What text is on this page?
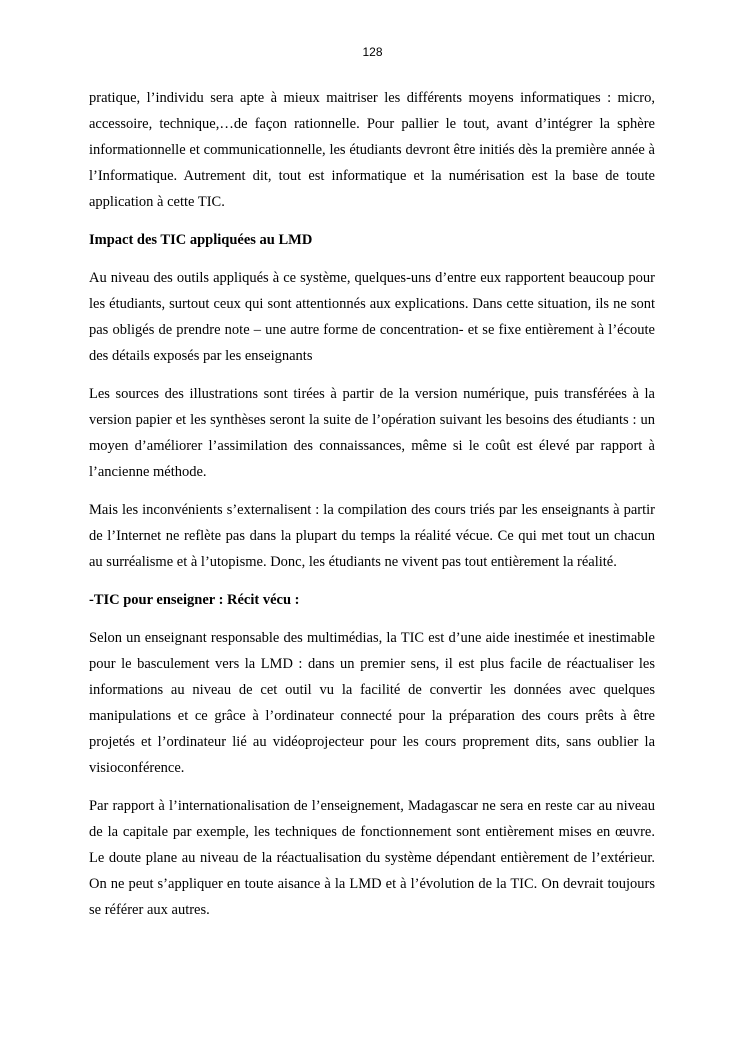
128

pratique, l’individu sera apte à mieux maitriser les différents moyens informatiques : micro, accessoire, technique,…de façon rationnelle. Pour pallier le tout, avant d’intégrer la sphère informationnelle et communicationnelle, les étudiants devront être initiés dès la première année à l’Informatique. Autrement dit, tout est informatique et la numérisation est la base de toute application à cette TIC.

Impact des TIC appliquées au LMD

Au niveau des outils appliqués à ce système, quelques-uns d’entre eux rapportent beaucoup pour les étudiants, surtout ceux qui sont attentionnés aux explications. Dans cette situation, ils ne sont pas obligés de prendre note – une autre forme de concentration- et se fixe entièrement à l’écoute des détails exposés par les enseignants

Les sources des illustrations sont tirées à partir de la version numérique, puis transférées à la version papier et les synthèses seront la suite de l’opération suivant les besoins des étudiants : un moyen d’améliorer l’assimilation des connaissances, même si le coût est élevé par rapport à l’ancienne méthode.

Mais les inconvénients s’externalisent : la compilation des cours triés par les enseignants à partir de l’Internet ne reflète pas dans la plupart du temps la réalité vécue. Ce qui met tout un chacun au surréalisme et à l’utopisme. Donc, les étudiants ne vivent pas tout entièrement la réalité.

-TIC pour enseigner : Récit vécu :

Selon un enseignant responsable des multimédias, la TIC est d’une aide inestimée et inestimable pour le basculement vers la LMD : dans un premier sens, il est plus facile de réactualiser les informations au niveau de cet outil vu la facilité de convertir les données avec quelques manipulations et ce grâce à l’ordinateur connecté pour la préparation des cours prêts à être projetés et l’ordinateur lié au vidéoprojecteur pour les cours proprement dits, sans oublier la visioconférence.

Par rapport à l’internationalisation de l’enseignement, Madagascar ne sera en reste car au niveau de la capitale par exemple, les techniques de fonctionnement sont entièrement mises en œuvre. Le doute plane au niveau de la réactualisation du système dépendant entièrement de l’extérieur. On ne peut s’appliquer en toute aisance à la LMD et à l’évolution de la TIC. On devrait toujours se référer aux autres.
